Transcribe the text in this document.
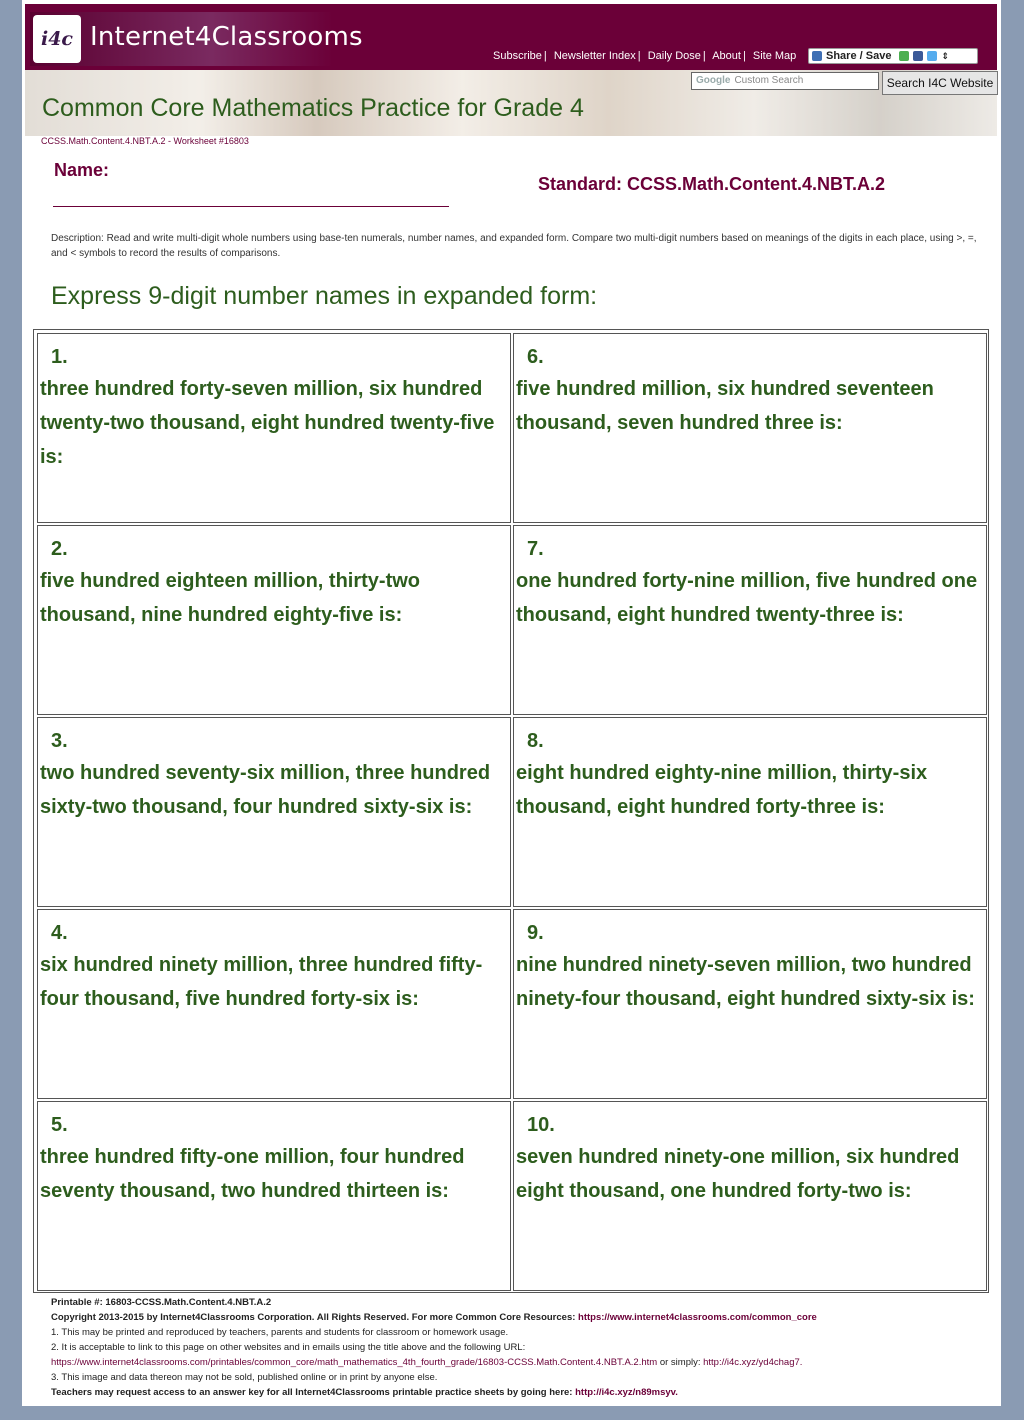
i4c Internet4Classrooms
Subscribe | Newsletter Index | Daily Dose | About | Site Map	Share / Save	⇕
Google Custom Search	Search I4C Website
Common Core Mathematics Practice for Grade 4
CCSS.Math.Content.4.NBT.A.2 - Worksheet #16803
Name:
Standard: CCSS.Math.Content.4.NBT.A.2
Description: Read and write multi-digit whole numbers using base-ten numerals, number names, and expanded form. Compare two multi-digit numbers based on meanings of the digits in each place, using >, =, and < symbols to record the results of comparisons.
Express 9-digit number names in expanded form:
1.
three hundred forty-seven million, six hundred twenty-two thousand, eight hundred twenty-five is:
6.
five hundred million, six hundred seventeen thousand, seven hundred three is:
2.
five hundred eighteen million, thirty-two thousand, nine hundred eighty-five is:
7.
one hundred forty-nine million, five hundred one thousand, eight hundred twenty-three is:
3.
two hundred seventy-six million, three hundred sixty-two thousand, four hundred sixty-six is:
8.
eight hundred eighty-nine million, thirty-six thousand, eight hundred forty-three is:
4.
six hundred ninety million, three hundred fifty-four thousand, five hundred forty-six is:
9.
nine hundred ninety-seven million, two hundred ninety-four thousand, eight hundred sixty-six is:
5.
three hundred fifty-one million, four hundred seventy thousand, two hundred thirteen is:
10.
seven hundred ninety-one million, six hundred eight thousand, one hundred forty-two is:
Printable #: 16803-CCSS.Math.Content.4.NBT.A.2
Copyright 2013-2015 by Internet4Classrooms Corporation. All Rights Reserved. For more Common Core Resources: https://www.internet4classrooms.com/common_core
1. This may be printed and reproduced by teachers, parents and students for classroom or homework usage.
2. It is acceptable to link to this page on other websites and in emails using the title above and the following URL:
https://www.internet4classrooms.com/printables/common_core/math_mathematics_4th_fourth_grade/16803-CCSS.Math.Content.4.NBT.A.2.htm or simply: http://i4c.xyz/yd4chag7.
3. This image and data thereon may not be sold, published online or in print by anyone else.
Teachers may request access to an answer key for all Internet4Classrooms printable practice sheets by going here: http://i4c.xyz/n89msyv.
